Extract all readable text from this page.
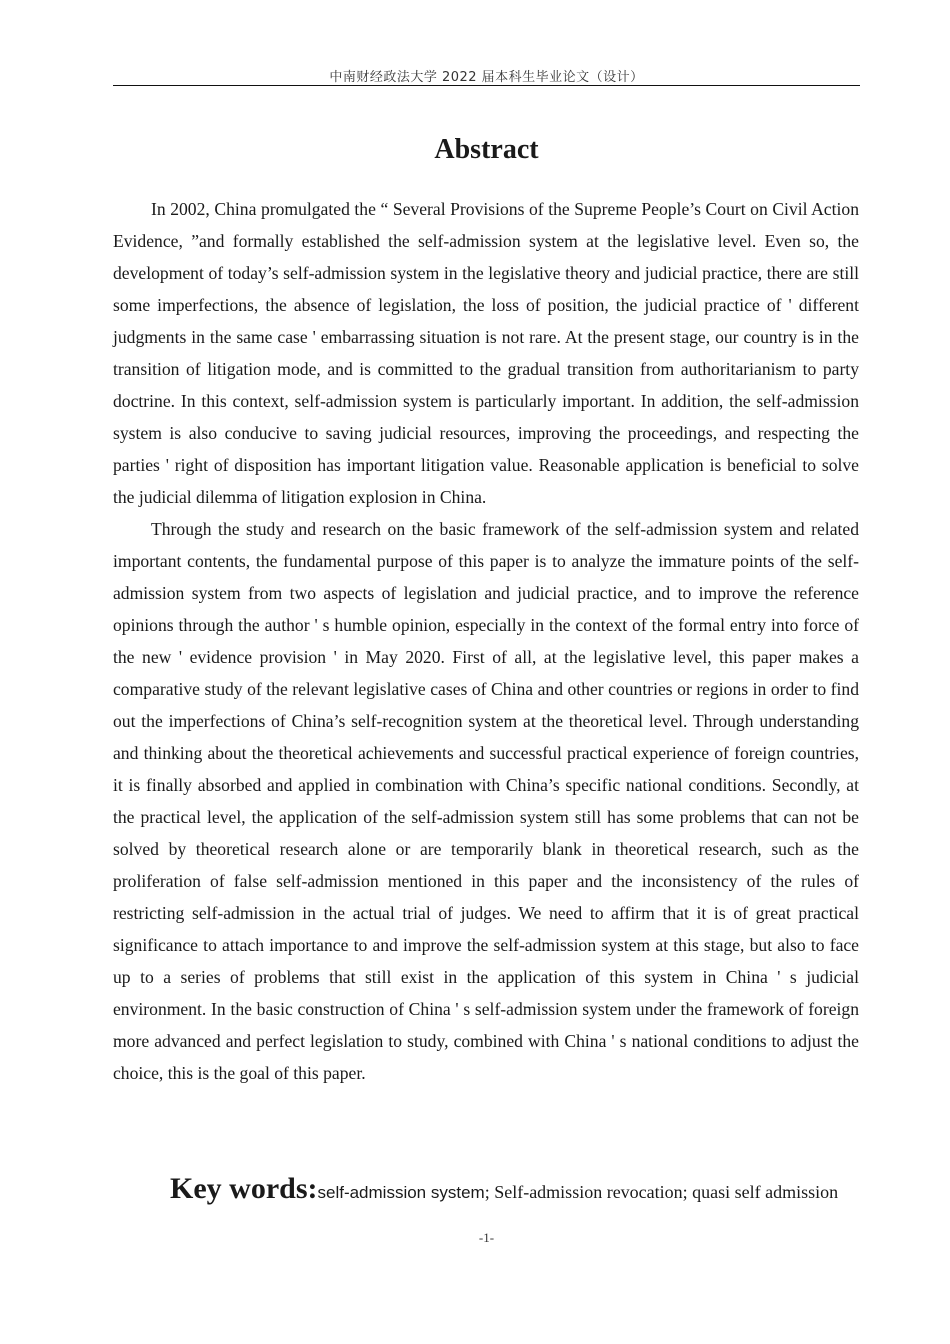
中南财经政法大学 2022 届本科生毕业论文（设计）
Abstract

In 2002, China promulgated the “ Several Provisions of the Supreme People’s Court on Civil Action Evidence, ”and formally established the self-admission system at the legislative level. Even so, the development of today’s self-admission system in the legislative theory and judicial practice, there are still some imperfections, the absence of legislation, the loss of position, the judicial practice of ' different judgments in the same case ' embarrassing situation is not rare. At the present stage, our country is in the transition of litigation mode, and is committed to the gradual transition from authoritarianism to party doctrine. In this context, self-admission system is particularly important. In addition, the self-admission system is also conducive to saving judicial resources, improving the proceedings, and respecting the parties ' right of disposition has important litigation value. Reasonable application is beneficial to solve the judicial dilemma of litigation explosion in China.

Through the study and research on the basic framework of the self-admission system and related important contents, the fundamental purpose of this paper is to analyze the immature points of the self-admission system from two aspects of legislation and judicial practice, and to improve the reference opinions through the author ' s humble opinion, especially in the context of the formal entry into force of the new ' evidence provision ' in May 2020. First of all, at the legislative level, this paper makes a comparative study of the relevant legislative cases of China and other countries or regions in order to find out the imperfections of China’s self-recognition system at the theoretical level. Through understanding and thinking about the theoretical achievements and successful practical experience of foreign countries, it is finally absorbed and applied in combination with China’s specific national conditions. Secondly, at the practical level, the application of the self-admission system still has some problems that can not be solved by theoretical research alone or are temporarily blank in theoretical research, such as the proliferation of false self-admission mentioned in this paper and the inconsistency of the rules of restricting self-admission in the actual trial of judges. We need to affirm that it is of great practical significance to attach importance to and improve the self-admission system at this stage, but also to face up to a series of problems that still exist in the application of this system in China ' s judicial environment. In the basic construction of China ' s self-admission system under the framework of foreign more advanced and perfect legislation to study, combined with China ' s national conditions to adjust the choice, this is the goal of this paper.

Key words:self-admission system; Self-admission revocation; quasi self admission
-1-
